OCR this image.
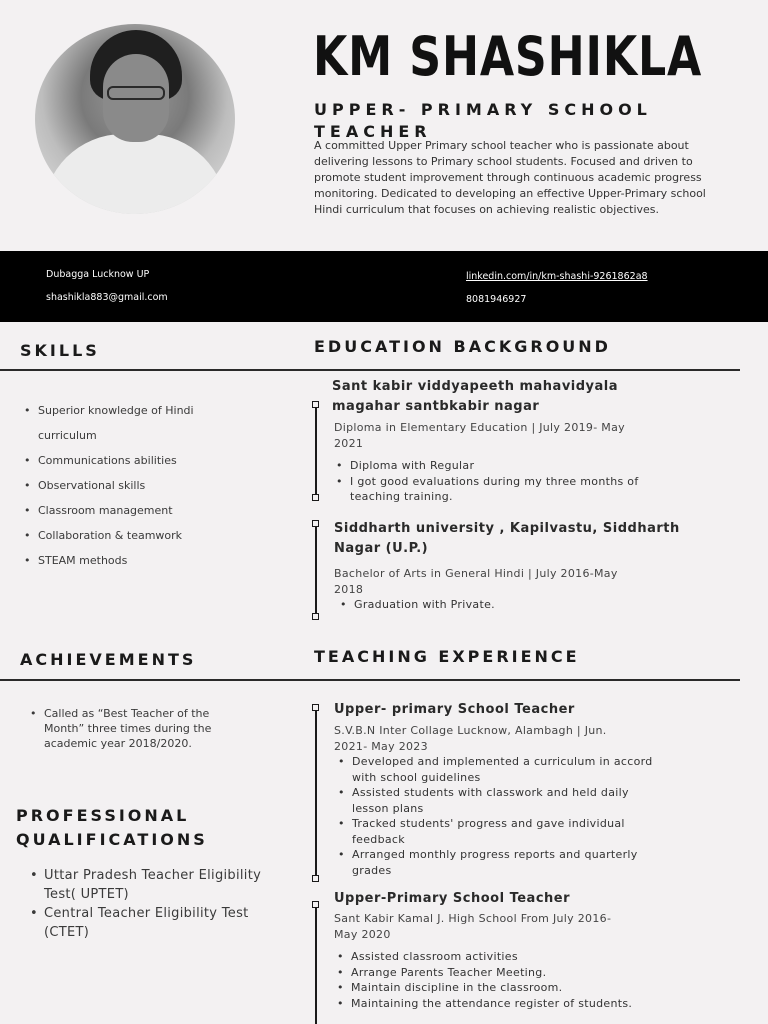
KM SHASHIKLA
UPPER- PRIMARY SCHOOL TEACHER
A committed Upper Primary school teacher who is passionate about delivering lessons to Primary school students. Focused and driven to promote student improvement through continuous academic progress monitoring. Dedicated to developing an effective Upper-Primary school Hindi curriculum that focuses on achieving realistic objectives.
Dubagga Lucknow UP
shashikla883@gmail.com
linkedin.com/in/km-shashi-9261862a8
8081946927
SKILLS
• Superior knowledge of Hindi curriculum
• Communications abilities
• Observational skills
• Classroom management
• Collaboration & teamwork
• STEAM methods
EDUCATION BACKGROUND
Sant kabir viddyapeeth mahavidyala magahar santbkabir nagar
Diploma in Elementary Education | July 2019- May 2021
• Diploma with Regular
• I got good evaluations during my three months of teaching training.
Siddharth university , Kapilvastu, Siddharth Nagar (U.P.)
Bachelor of Arts in General Hindi | July 2016-May 2018
• Graduation with Private.
ACHIEVEMENTS
• Called as “Best Teacher of the Month” three times during the academic year 2018/2020.
PROFESSIONAL QUALIFICATIONS
• Uttar Pradesh Teacher Eligibility Test( UPTET)
• Central Teacher Eligibility Test (CTET)
TEACHING EXPERIENCE
Upper- primary School Teacher
S.V.B.N Inter Collage Lucknow, Alambagh | Jun. 2021- May 2023
• Developed and implemented a curriculum in accord with school guidelines
• Assisted students with classwork and held daily lesson plans
• Tracked students' progress and gave individual feedback
• Arranged monthly progress reports and quarterly grades
Upper-Primary School Teacher
Sant Kabir Kamal J. High School From July 2016- May 2020
• Assisted classroom activities
• Arrange Parents Teacher Meeting.
• Maintain discipline in the classroom.
• Maintaining the attendance register of students.
